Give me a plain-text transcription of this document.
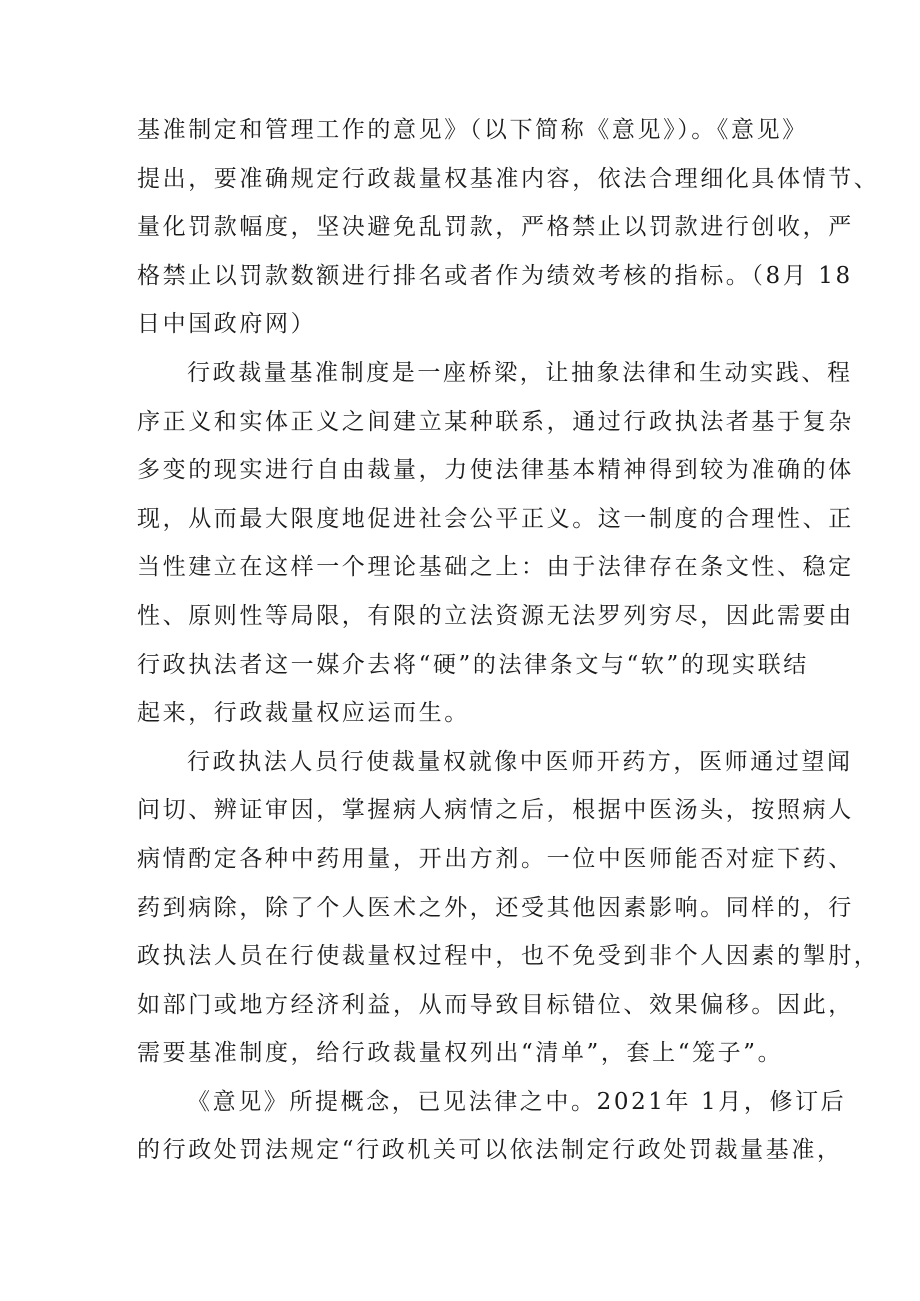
基准制定和管理工作的意见》（以下简称《意见》）。《意见》
提出，要准确规定行政裁量权基准内容，依法合理细化具体情节、
量化罚款幅度，坚决避免乱罚款，严格禁止以罚款进行创收，严
格禁止以罚款数额进行排名或者作为绩效考核的指标。（8月 18
日中国政府网）
行政裁量基准制度是一座桥梁，让抽象法律和生动实践、程
序正义和实体正义之间建立某种联系，通过行政执法者基于复杂
多变的现实进行自由裁量，力使法律基本精神得到较为准确的体
现，从而最大限度地促进社会公平正义。这一制度的合理性、正
当性建立在这样一个理论基础之上：由于法律存在条文性、稳定
性、原则性等局限，有限的立法资源无法罗列穷尽，因此需要由
行政执法者这一媒介去将“硬”的法律条文与“软”的现实联结
起来，行政裁量权应运而生。
行政执法人员行使裁量权就像中医师开药方，医师通过望闻
问切、辨证审因，掌握病人病情之后，根据中医汤头，按照病人
病情酌定各种中药用量，开出方剂。一位中医师能否对症下药、
药到病除，除了个人医术之外，还受其他因素影响。同样的，行
政执法人员在行使裁量权过程中，也不免受到非个人因素的掣肘，
如部门或地方经济利益，从而导致目标错位、效果偏移。因此，
需要基准制度，给行政裁量权列出“清单”，套上“笼子”。
《意见》所提概念，已见法律之中。2021年 1月，修订后
的行政处罚法规定“行政机关可以依法制定行政处罚裁量基准，
